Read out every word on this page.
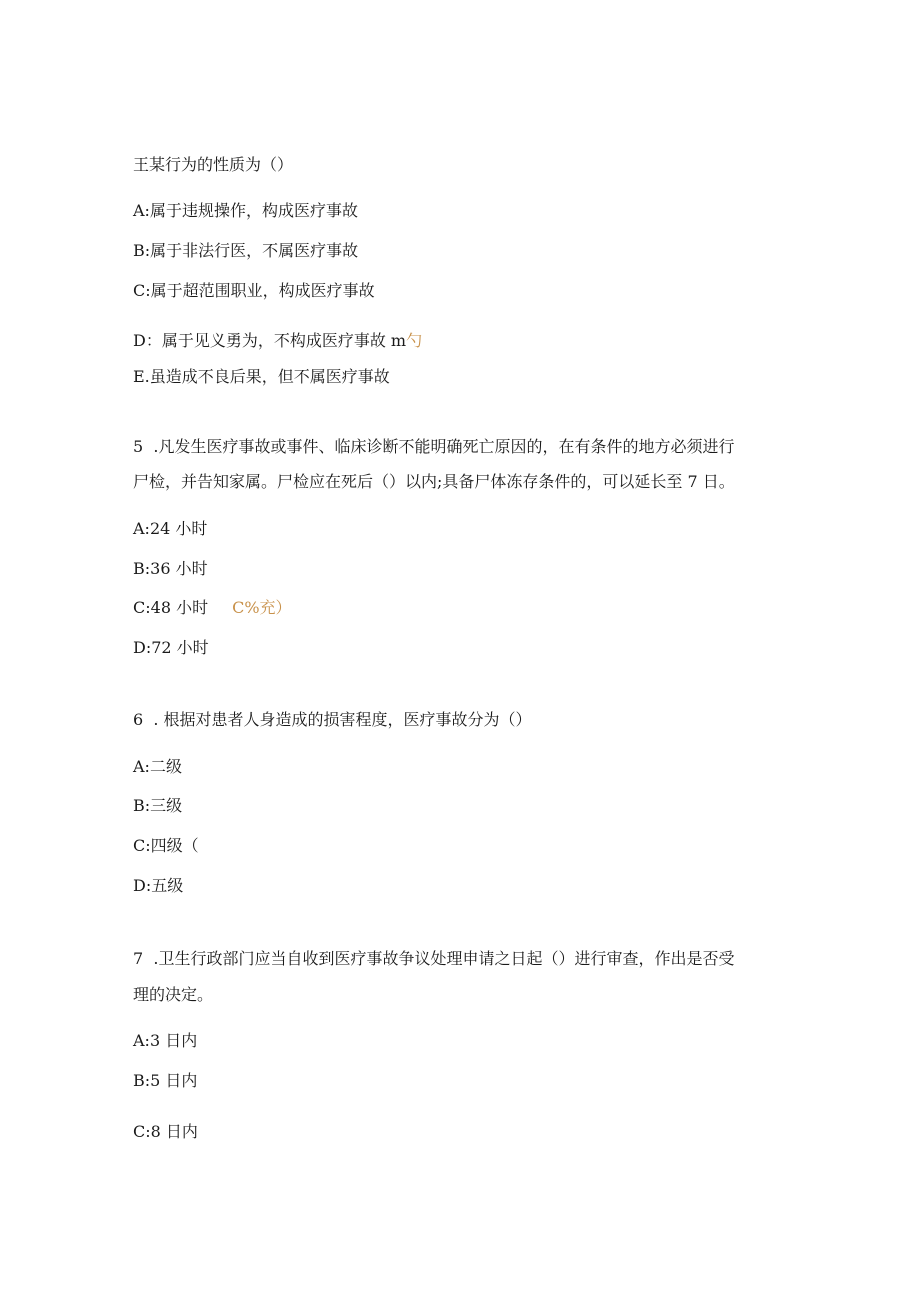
王某行为的性质为（）
A:属于违规操作，构成医疗事故
B:属于非法行医，不属医疗事故
C:属于超范围职业，构成医疗事故
D：属于见义勇为，不构成医疗事故 m勺
E.虽造成不良后果，但不属医疗事故
5  .凡发生医疗事故或事件、临床诊断不能明确死亡原因的，在有条件的地方必须进行
尸检，并告知家属。尸检应在死后（）以内;具备尸体冻存条件的，可以延长至 7 日。
A:24 小时
B:36 小时
C:48 小时 C%充）
D:72 小时
6  . 根据对患者人身造成的损害程度，医疗事故分为（）
A:二级
B:三级
C:四级（
D:五级
7  .卫生行政部门应当自收到医疗事故争议处理申请之日起（）进行审查，作出是否受
理的决定。
A:3 日内
B:5 日内
C:8 日内
